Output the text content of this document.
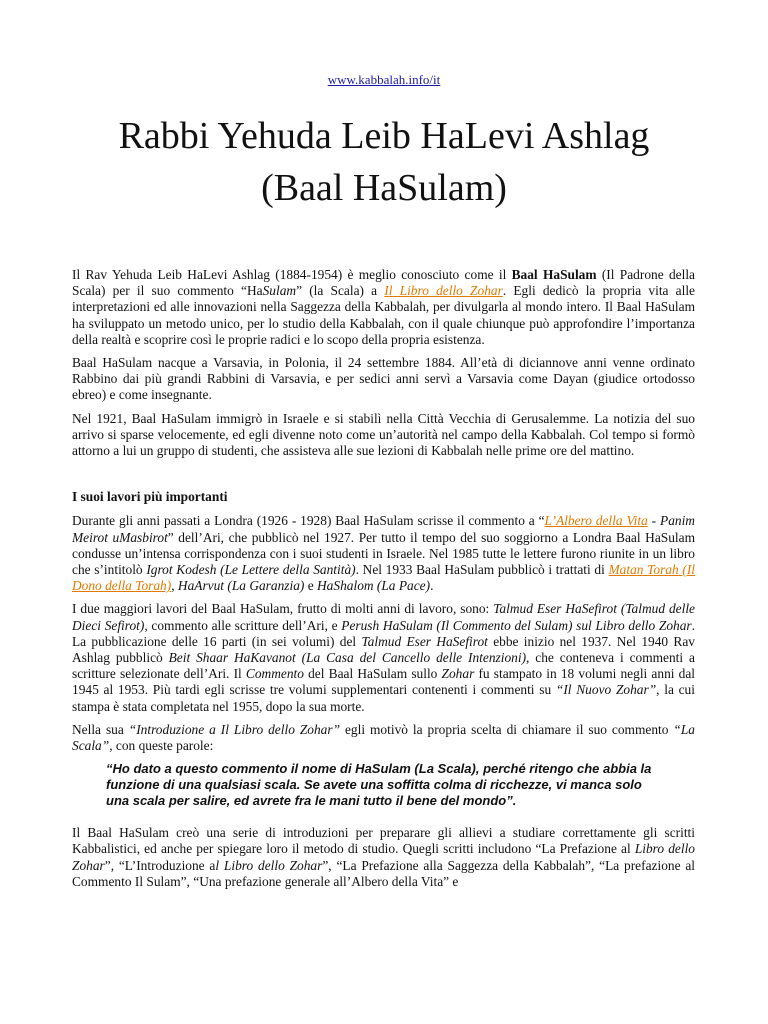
www.kabbalah.info/it
Rabbi Yehuda Leib HaLevi Ashlag
(Baal HaSulam)

Il Rav Yehuda Leib HaLevi Ashlag (1884-1954) è meglio conosciuto come il Baal HaSulam (Il Padrone della Scala) per il suo commento “HaSulam” (la Scala) a Il Libro dello Zohar. Egli dedicò la propria vita alle interpretazioni ed alle innovazioni nella Saggezza della Kabbalah, per divulgarla al mondo intero. Il Baal HaSulam ha sviluppato un metodo unico, per lo studio della Kabbalah, con il quale chiunque può approfondire l’importanza della realtà e scoprire così le proprie radici e lo scopo della propria esistenza.

Baal HaSulam nacque a Varsavia, in Polonia, il 24 settembre 1884. All’età di diciannove anni venne ordinato Rabbino dai più grandi Rabbini di Varsavia, e per sedici anni servì a Varsavia come Dayan (giudice ortodosso ebreo) e come insegnante.

Nel 1921, Baal HaSulam immigrò in Israele e si stabilì nella Città Vecchia di Gerusalemme. La notizia del suo arrivo si sparse velocemente, ed egli divenne noto come un’autorità nel campo della Kabbalah. Col tempo si formò attorno a lui un gruppo di studenti, che assisteva alle sue lezioni di Kabbalah nelle prime ore del mattino.

I suoi lavori più importanti

Durante gli anni passati a Londra (1926 - 1928) Baal HaSulam scrisse il commento a “L’Albero della Vita - Panim Meirot uMasbirot” dell’Ari, che pubblicò nel 1927. Per tutto il tempo del suo soggiorno a Londra Baal HaSulam condusse un’intensa corrispondenza con i suoi studenti in Israele. Nel 1985 tutte le lettere furono riunite in un libro che s’intitolò Igrot Kodesh (Le Lettere della Santità). Nel 1933 Baal HaSulam pubblicò i trattati di Matan Torah (Il Dono della Torah), HaArvut (La Garanzia) e HaShalom (La Pace).

I due maggiori lavori del Baal HaSulam, frutto di molti anni di lavoro, sono: Talmud Eser HaSefirot (Talmud delle Dieci Sefirot), commento alle scritture dell’Ari, e Perush HaSulam (Il Commento del Sulam) sul Libro dello Zohar. La pubblicazione delle 16 parti (in sei volumi) del Talmud Eser HaSefirot ebbe inizio nel 1937. Nel 1940 Rav Ashlag pubblicò Beit Shaar HaKavanot (La Casa del Cancello delle Intenzioni), che conteneva i commenti a scritture selezionate dell’Ari. Il Commento del Baal HaSulam sullo Zohar fu stampato in 18 volumi negli anni dal 1945 al 1953. Più tardi egli scrisse tre volumi supplementari contenenti i commenti su “Il Nuovo Zohar”, la cui stampa è stata completata nel 1955, dopo la sua morte.

Nella sua “Introduzione a Il Libro dello Zohar” egli motivò la propria scelta di chiamare il suo commento “La Scala”, con queste parole:

“Ho dato a questo commento il nome di HaSulam (La Scala), perché ritengo che abbia la funzione di una qualsiasi scala. Se avete una soffitta colma di ricchezze, vi manca solo una scala per salire, ed avrete fra le mani tutto il bene del mondo”.

Il Baal HaSulam creò una serie di introduzioni per preparare gli allievi a studiare correttamente gli scritti Kabbalistici, ed anche per spiegare loro il metodo di studio. Quegli scritti includono “La Prefazione al Libro dello Zohar”, “L’Introduzione al Libro dello Zohar”, “La Prefazione alla Saggezza della Kabbalah”, “La prefazione al Commento Il Sulam”, “Una prefazione generale all’Albero della Vita” e
